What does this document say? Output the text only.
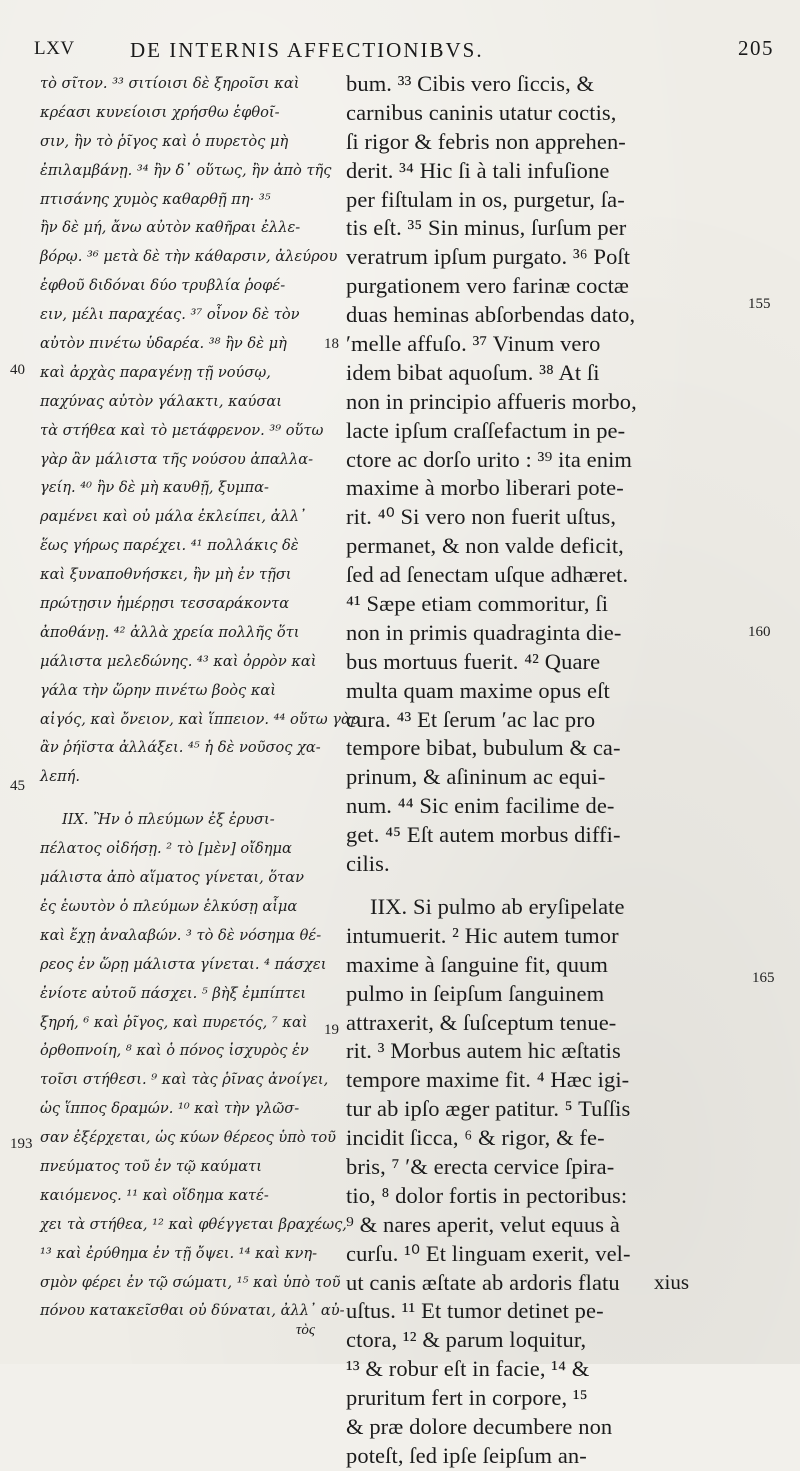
LXV	DE INTERNIS AFFECTIONIBVS.	205
τὸ σῖτον. ³³ σιτίοισι δὲ ξηροῖσι καὶ
κρέασι κυνείοισι χρήσθω ἑφθοῖ-
σιν, ἢν τὸ ῥῖγος καὶ ὁ πυρετὸς μὴ
ἐπιλαμβάνῃ. ³⁴ ἢν δ᾽ οὕτως, ἢν ἀπὸ τῆς
πτισάνης χυμὸς καθαρθῇ πη· ³⁵
ἢν δὲ μή, ἄνω αὐτὸν καθῆραι ἐλλε-
βόρῳ. ³⁶ μετὰ δὲ τὴν κάθαρσιν, ἀλεύρου
ἑφθοῦ διδόναι δύο τρυβλία ῥοφέ-
ειν, μέλι παραχέας. ³⁷ οἶνον δὲ τὸν
αὐτὸν πινέτω ὑδαρέα. ³⁸ ἢν δὲ μὴ
καὶ ἀρχὰς παραγένῃ τῇ νούσῳ,
παχύνας αὐτὸν γάλακτι, καύσαι
τὰ στήθεα καὶ τὸ μετάφρενον. ³⁹ οὕτω
γὰρ ἂν μάλιστα τῆς νούσου ἀπαλλα-
γείη. ⁴⁰ ἢν δὲ μὴ καυθῇ, ξυμπα-
ραμένει καὶ οὐ μάλα ἐκλείπει, ἀλλ᾽
ἕως γήρως παρέχει. ⁴¹ πολλάκις δὲ
καὶ ξυναποθνήσκει, ἢν μὴ ἐν τῇσι
πρώτῃσιν ἡμέρῃσι τεσσαράκοντα
ἀποθάνῃ. ⁴² ἀλλὰ χρεία πολλῆς ὅτι
μάλιστα μελεδώνης. ⁴³ καὶ ὀρρὸν καὶ
γάλα τὴν ὥρην πινέτω βοὸς καὶ
αἰγός, καὶ ὄνειον, καὶ ἵππειον. ⁴⁴ οὕτω γὰρ
ἂν ῥήϊστα ἀλλάξει. ⁴⁵ ἡ δὲ νοῦσος χα-
λεπή.
ΙΙΧ. Ἢν ὁ πλεύμων ἐξ ἐρυσι-
πέλατος οἰδήσῃ. ² τὸ [μὲν] οἴδημα
μάλιστα ἀπὸ αἵματος γίνεται, ὅταν
ἐς ἑωυτὸν ὁ πλεύμων ἑλκύσῃ αἷμα
καὶ ἔχῃ ἀναλαβών. ³ τὸ δὲ νόσημα θέ-
ρεος ἐν ὥρῃ μάλιστα γίνεται. ⁴ πάσχει
ἐνίοτε αὐτοῦ πάσχει. ⁵ βὴξ ἐμπίπτει
ξηρή, ⁶ καὶ ῥῖγος, καὶ πυρετός, ⁷ καὶ
ὀρθοπνοίη, ⁸ καὶ ὁ πόνος ἰσχυρὸς ἐν
τοῖσι στήθεσι. ⁹ καὶ τὰς ῥῖνας ἀνοίγει,
ὡς ἵππος δραμών. ¹⁰ καὶ τὴν γλῶσ-
σαν ἐξέρχεται, ὡς κύων θέρεος ὑπὸ τοῦ
πνεύματος τοῦ ἐν τῷ καύματι
καιόμενος. ¹¹ καὶ οἴδημα κατέ-
χει τὰ στήθεα, ¹² καὶ φθέγγεται βραχέως,
¹³ καὶ ἐρύθημα ἐν τῇ ὄψει. ¹⁴ καὶ κνη-
σμὸν φέρει ἐν τῷ σώματι, ¹⁵ καὶ ὑπὸ τοῦ
πόνου κατακεῖσθαι οὐ δύναται, ἀλλ᾽ αὐ-
τὸς
18
40
45
19
193
bum. ³³ Cibis vero ſiccis, &
carnibus caninis utatur coctis,
ſi rigor & febris non apprehen-
derit. ³⁴ Hic ſi à tali infuſione
per fiſtulam in os, purgetur, ſa-
tis eſt. ³⁵ Sin minus, ſurſum per
veratrum ipſum purgato. ³⁶ Poſt
purgationem vero farinæ coctæ
duas heminas abſorbendas dato,
ʹmelle affuſo. ³⁷ Vinum vero
idem bibat aquoſum. ³⁸ At ſi
non in principio affueris morbo,
lacte ipſum craſſefactum in pe-
ctore ac dorſo urito : ³⁹ ita enim
maxime à morbo liberari pote-
rit. ⁴⁰ Si vero non fuerit uſtus,
permanet, & non valde deficit,
ſed ad ſenectam uſque adhæret.
⁴¹ Sæpe etiam commoritur, ſi
non in primis quadraginta die-
bus mortuus fuerit. ⁴² Quare
multa quam maxime opus eſt
cura. ⁴³ Et ſerum ʹac lac pro
tempore bibat, bubulum & ca-
prinum, & aſininum ac equi-
num. ⁴⁴ Sic enim facilime de-
get. ⁴⁵ Eſt autem morbus diffi-
cilis.
IIX. Si pulmo ab eryſipelate
intumuerit. ² Hic autem tumor
maxime à ſanguine fit, quum
pulmo in ſeipſum ſanguinem
attraxerit, & ſuſceptum tenue-
rit. ³ Morbus autem hic æſtatis
tempore maxime fit. ⁴ Hæc igi-
tur ab ipſo æger patitur. ⁵ Tuſſis
incidit ſicca, ⁶ & rigor, & fe-
bris, ⁷ ʹ& erecta cervice ſpira-
tio, ⁸ dolor fortis in pectoribus:
⁹ & nares aperit, velut equus à
curſu. ¹⁰ Et linguam exerit, vel-
ut canis æſtate ab ardoris flatu
uſtus. ¹¹ Et tumor detinet pe-
ctora, ¹² & parum loquitur,
¹³ & robur eſt in facie, ¹⁴ &
pruritum fert in corpore, ¹⁵
& præ dolore decumbere non
poteſt, ſed ipſe ſeipſum an-
xius
155
160
165
